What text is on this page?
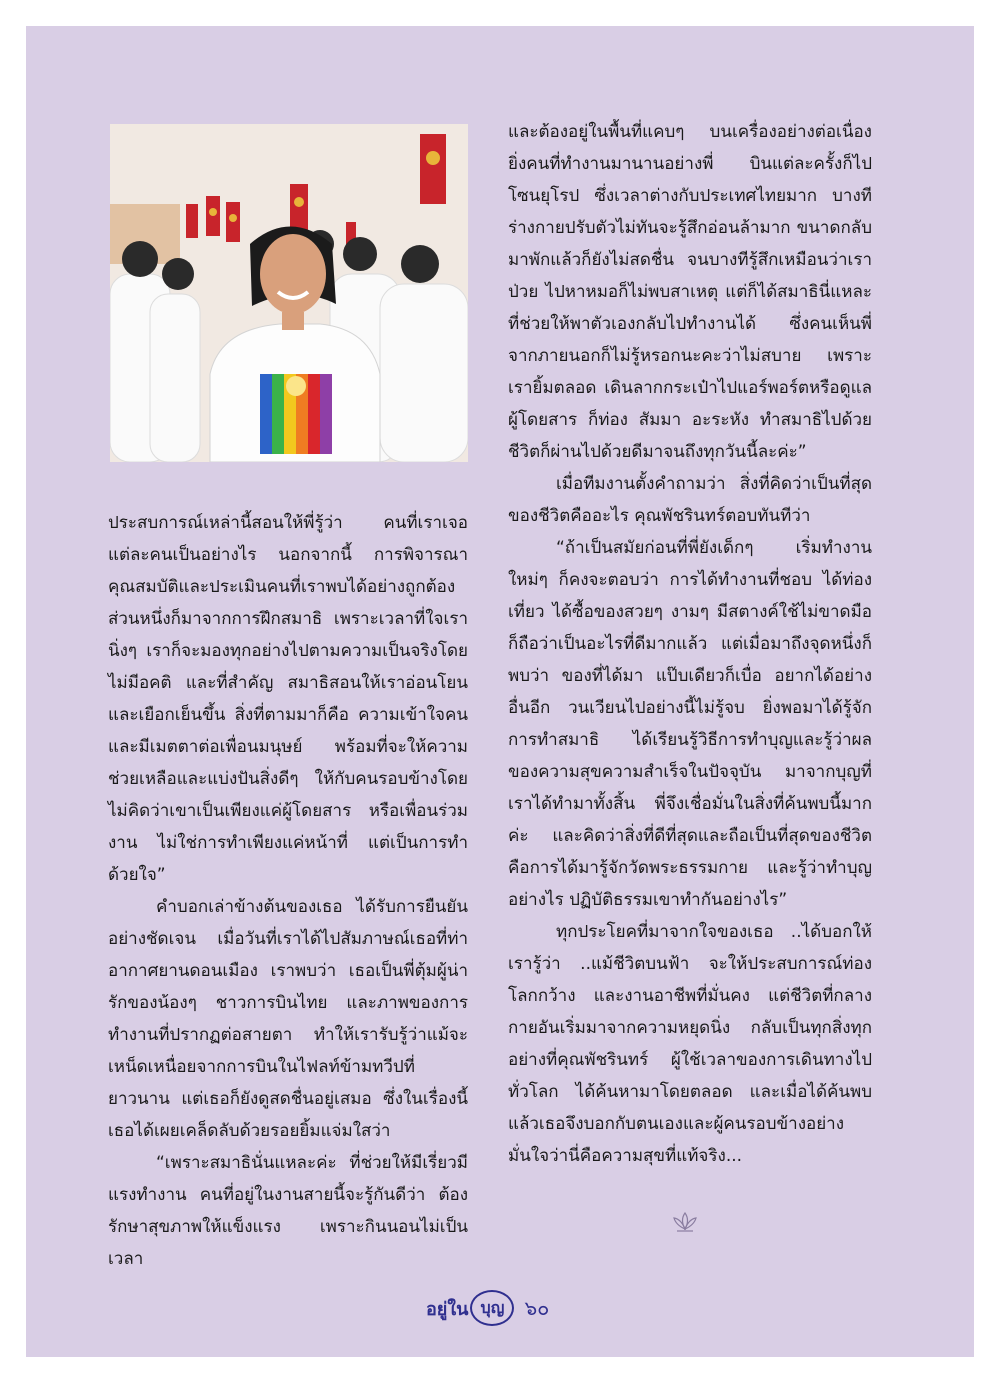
ประสบการณ์เหล่านี้สอนให้พี่รู้ว่า คนที่เราเจอแต่ละคนเป็นอย่างไร นอกจากนี้ การพิจารณาคุณสมบัติและประเมินคนที่เราพบได้อย่างถูกต้องส่วนหนึ่งก็มาจากการฝึกสมาธิ เพราะเวลาที่ใจเรานิ่งๆ เราก็จะมองทุกอย่างไปตามความเป็นจริงโดยไม่มีอคติ และที่สำคัญ สมาธิสอนให้เราอ่อนโยนและเยือกเย็นขึ้น สิ่งที่ตามมาก็คือ ความเข้าใจคนและมีเมตตาต่อเพื่อนมนุษย์ พร้อมที่จะให้ความช่วยเหลือและแบ่งปันสิ่งดีๆ ให้กับคนรอบข้างโดยไม่คิดว่าเขาเป็นเพียงแค่ผู้โดยสาร หรือเพื่อนร่วมงาน ไม่ใช่การทำเพียงแค่หน้าที่ แต่เป็นการทำด้วยใจ”

คำบอกเล่าข้างต้นของเธอ ได้รับการยืนยันอย่างชัดเจน เมื่อวันที่เราได้ไปสัมภาษณ์เธอที่ท่าอากาศยานดอนเมือง เราพบว่า เธอเป็นพี่ตุ้มผู้น่ารักของน้องๆ ชาวการบินไทย และภาพของการทำงานที่ปรากฏต่อสายตา ทำให้เรารับรู้ว่าแม้จะเหน็ดเหนื่อยจากการบินในไฟลท์ข้ามทวีปที่ยาวนาน แต่เธอก็ยังดูสดชื่นอยู่เสมอ ซึ่งในเรื่องนี้เธอได้เผยเคล็ดลับด้วยรอยยิ้มแจ่มใสว่า

“เพราะสมาธินั่นแหละค่ะ ที่ช่วยให้มีเรี่ยวมีแรงทำงาน คนที่อยู่ในงานสายนี้จะรู้กันดีว่า ต้องรักษาสุขภาพให้แข็งแรง เพราะกินนอนไม่เป็นเวลา

และต้องอยู่ในพื้นที่แคบๆ บนเครื่องอย่างต่อเนื่อง ยิ่งคนที่ทำงานมานานอย่างพี่ บินแต่ละครั้งก็ไปโซนยุโรป ซึ่งเวลาต่างกับประเทศไทยมาก บางทีร่างกายปรับตัวไม่ทันจะรู้สึกอ่อนล้ามาก ขนาดกลับมาพักแล้วก็ยังไม่สดชื่น จนบางทีรู้สึกเหมือนว่าเราป่วย ไปหาหมอก็ไม่พบสาเหตุ แต่ก็ได้สมาธินี่แหละที่ช่วยให้พาตัวเองกลับไปทำงานได้ ซึ่งคนเห็นพี่จากภายนอกก็ไม่รู้หรอกนะคะว่าไม่สบาย เพราะเรายิ้มตลอด เดินลากกระเป๋าไปแอร์พอร์ตหรือดูแลผู้โดยสาร ก็ท่อง สัมมา อะระหัง ทำสมาธิไปด้วย ชีวิตก็ผ่านไปด้วยดีมาจนถึงทุกวันนี้ละค่ะ”

เมื่อทีมงานตั้งคำถามว่า สิ่งที่คิดว่าเป็นที่สุดของชีวิตคืออะไร คุณพัชรินทร์ตอบทันทีว่า

“ถ้าเป็นสมัยก่อนที่พี่ยังเด็กๆ เริ่มทำงานใหม่ๆ ก็คงจะตอบว่า การได้ทำงานที่ชอบ ได้ท่องเที่ยว ได้ซื้อของสวยๆ งามๆ มีสตางค์ใช้ไม่ขาดมือ ก็ถือว่าเป็นอะไรที่ดีมากแล้ว แต่เมื่อมาถึงจุดหนึ่งก็พบว่า ของที่ได้มา แป๊บเดียวก็เบื่อ อยากได้อย่างอื่นอีก วนเวียนไปอย่างนี้ไม่รู้จบ ยิ่งพอมาได้รู้จักการทำสมาธิ ได้เรียนรู้วิธีการทำบุญและรู้ว่าผลของความสุขความสำเร็จในปัจจุบัน มาจากบุญที่เราได้ทำมาทั้งสิ้น พี่จึงเชื่อมั่นในสิ่งที่ค้นพบนี้มากค่ะ และคิดว่าสิ่งที่ดีที่สุดและถือเป็นที่สุดของชีวิต คือการได้มารู้จักวัดพระธรรมกาย และรู้ว่าทำบุญอย่างไร ปฏิบัติธรรมเขาทำกันอย่างไร”

ทุกประโยคที่มาจากใจของเธอ ..ได้บอกให้เรารู้ว่า ..แม้ชีวิตบนฟ้า จะให้ประสบการณ์ท่องโลกกว้าง และงานอาชีพที่มั่นคง แต่ชีวิตที่กลางกายอันเริ่มมาจากความหยุดนิ่ง กลับเป็นทุกสิ่งทุกอย่างที่คุณพัชรินทร์ ผู้ใช้เวลาของการเดินทางไปทั่วโลก ได้ค้นหามาโดยตลอด และเมื่อได้ค้นพบแล้วเธอจึงบอกกับตนเองและผู้คนรอบข้างอย่างมั่นใจว่านี่คือความสุขที่แท้จริง...

อยู่ใน บุญ	๖๐
